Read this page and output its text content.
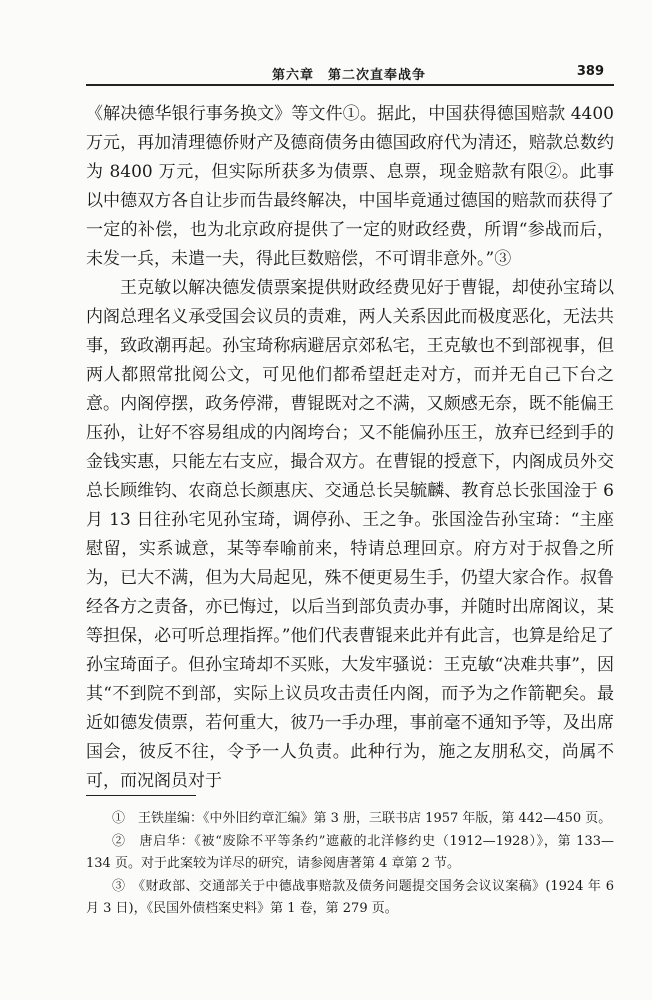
第六章　第二次直奉战争	389

《解决德华银行事务换文》等文件①。据此，中国获得德国赔款 4400 万元，再加清理德侨财产及德商债务由德国政府代为清还，赔款总数约为 8400 万元，但实际所获多为债票、息票，现金赔款有限②。此事以中德双方各自让步而告最终解决，中国毕竟通过德国的赔款而获得了一定的补偿，也为北京政府提供了一定的财政经费，所谓“参战而后，未发一兵，未遣一夫，得此巨数赔偿，不可谓非意外。”③

王克敏以解决德发债票案提供财政经费见好于曹锟，却使孙宝琦以内阁总理名义承受国会议员的责难，两人关系因此而极度恶化，无法共事，致政潮再起。孙宝琦称病避居京郊私宅，王克敏也不到部视事，但两人都照常批阅公文，可见他们都希望赶走对方，而并无自己下台之意。内阁停摆，政务停滞，曹锟既对之不满，又颇感无奈，既不能偏王压孙，让好不容易组成的内阁垮台；又不能偏孙压王，放弃已经到手的金钱实惠，只能左右支应，撮合双方。在曹锟的授意下，内阁成员外交总长顾维钧、农商总长颜惠庆、交通总长吴毓麟、教育总长张国淦于 6 月 13 日往孙宅见孙宝琦，调停孙、王之争。张国淦告孙宝琦：“主座慰留，实系诚意，某等奉喻前来，特请总理回京。府方对于叔鲁之所为，已大不满，但为大局起见，殊不便更易生手，仍望大家合作。叔鲁经各方之责备，亦已悔过，以后当到部负责办事，并随时出席阁议，某等担保，必可听总理指挥。”他们代表曹锟来此并有此言，也算是给足了孙宝琦面子。但孙宝琦却不买账，大发牢骚说：王克敏“决难共事”，因其“不到院不到部，实际上议员攻击责任内阁，而予为之作箭靶矣。最近如德发债票，若何重大，彼乃一手办理，事前毫不通知予等，及出席国会，彼反不往，令予一人负责。此种行为，施之友朋私交，尚属不可，而况阁员对于

①　王铁崖编：《中外旧约章汇编》第 3 册，三联书店 1957 年版，第 442—450 页。

②　唐启华：《被“废除不平等条约”遮蔽的北洋修约史（1912—1928）》，第 133—134 页。对于此案较为详尽的研究，请参阅唐著第 4 章第 2 节。

③　《财政部、交通部关于中德战事赔款及债务问题提交国务会议议案稿》(1924 年 6 月 3 日)，《民国外债档案史料》第 1 卷，第 279 页。
